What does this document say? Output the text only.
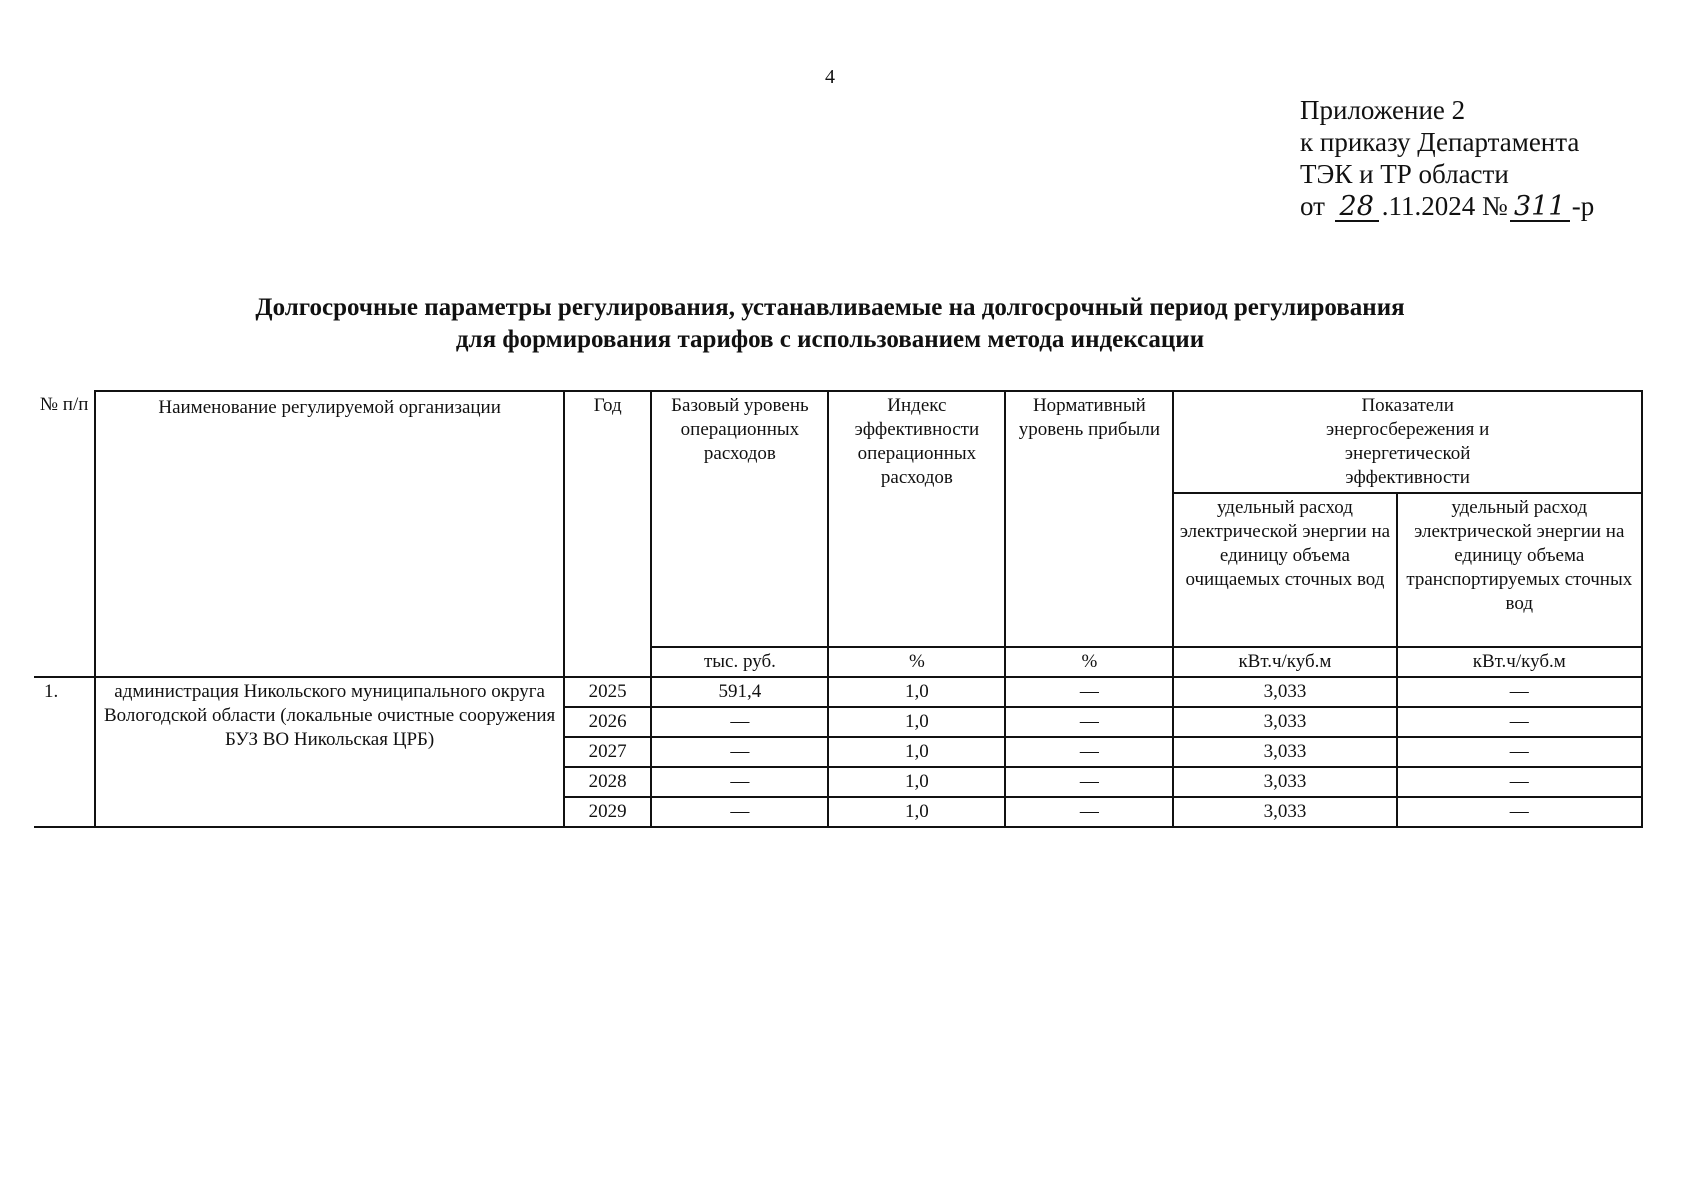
4
Приложение 2
к приказу Департамента
ТЭК и ТР области
от 28 .11.2024 № 311 -р
Долгосрочные параметры регулирования, устанавливаемые на долгосрочный период регулирования
для формирования тарифов с использованием метода индексации
№ п/п	Наименование регулируемой организации	Год	Базовый уровень операционных расходов	Индекс эффективности операционных расходов	Нормативный уровень прибыли	Показатели энергосбережения и энергетической эффективности	
						удельный расход электрической энергии на единицу объема очищаемых сточных вод	удельный расход электрической энергии на единицу объема транспортируемых сточных вод
			тыс. руб.	%	%	кВт.ч/куб.м	кВт.ч/куб.м
1.	администрация Никольского муниципального округа Вологодской области (локальные очистные сооружения БУЗ ВО Никольская ЦРБ)	2025	591,4	1,0	—	3,033	—
		2026	—	1,0	—	3,033	—
		2027	—	1,0	—	3,033	—
		2028	—	1,0	—	3,033	—
		2029	—	1,0	—	3,033	—
